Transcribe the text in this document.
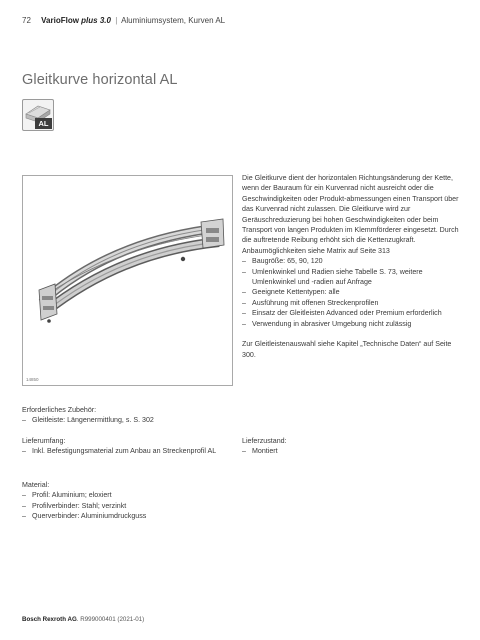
72 VarioFlow plus 3.0 | Aluminiumsystem, Kurven AL
Gleitkurve horizontal AL
AL
14850

Die Gleitkurve dient der horizontalen Richtungsänderung der Kette, wenn der Bauraum für ein Kurvenrad nicht ausreicht oder die Geschwindigkeiten oder Produkt-abmessungen einen Transport über das Kurvenrad nicht zulassen. Die Gleitkurve wird zur Geräuschreduzierung bei hohen Geschwindigkeiten oder beim Transport von langen Produkten im Klemmförderer eingesetzt. Durch die auftretende Reibung erhöht sich die Kettenzugkraft.

Anbaumöglichkeiten siehe Matrix auf Seite 313

– Baugröße: 65, 90, 120
– Umlenkwinkel und Radien siehe Tabelle S. 73, weitere Umlenkwinkel und -radien auf Anfrage
– Geeignete Kettentypen: alle
– Ausführung mit offenen Streckenprofilen
– Einsatz der Gleitleisten Advanced oder Premium erforderlich
– Verwendung in abrasiver Umgebung nicht zulässig

Zur Gleitleistenauswahl siehe Kapitel „Technische Daten“ auf Seite 300.

Erforderliches Zubehör:

– Gleitleiste: Längenermittlung, s. S. 302

Lieferumfang:

– Inkl. Befestigungsmaterial zum Anbau an Streckenprofil AL

Lieferzustand:

– Montiert

Material:

– Profil: Aluminium; eloxiert
– Profilverbinder: Stahl; verzinkt
– Querverbinder: Aluminiumdruckguss
Bosch Rexroth AG. R999000401 (2021-01)
